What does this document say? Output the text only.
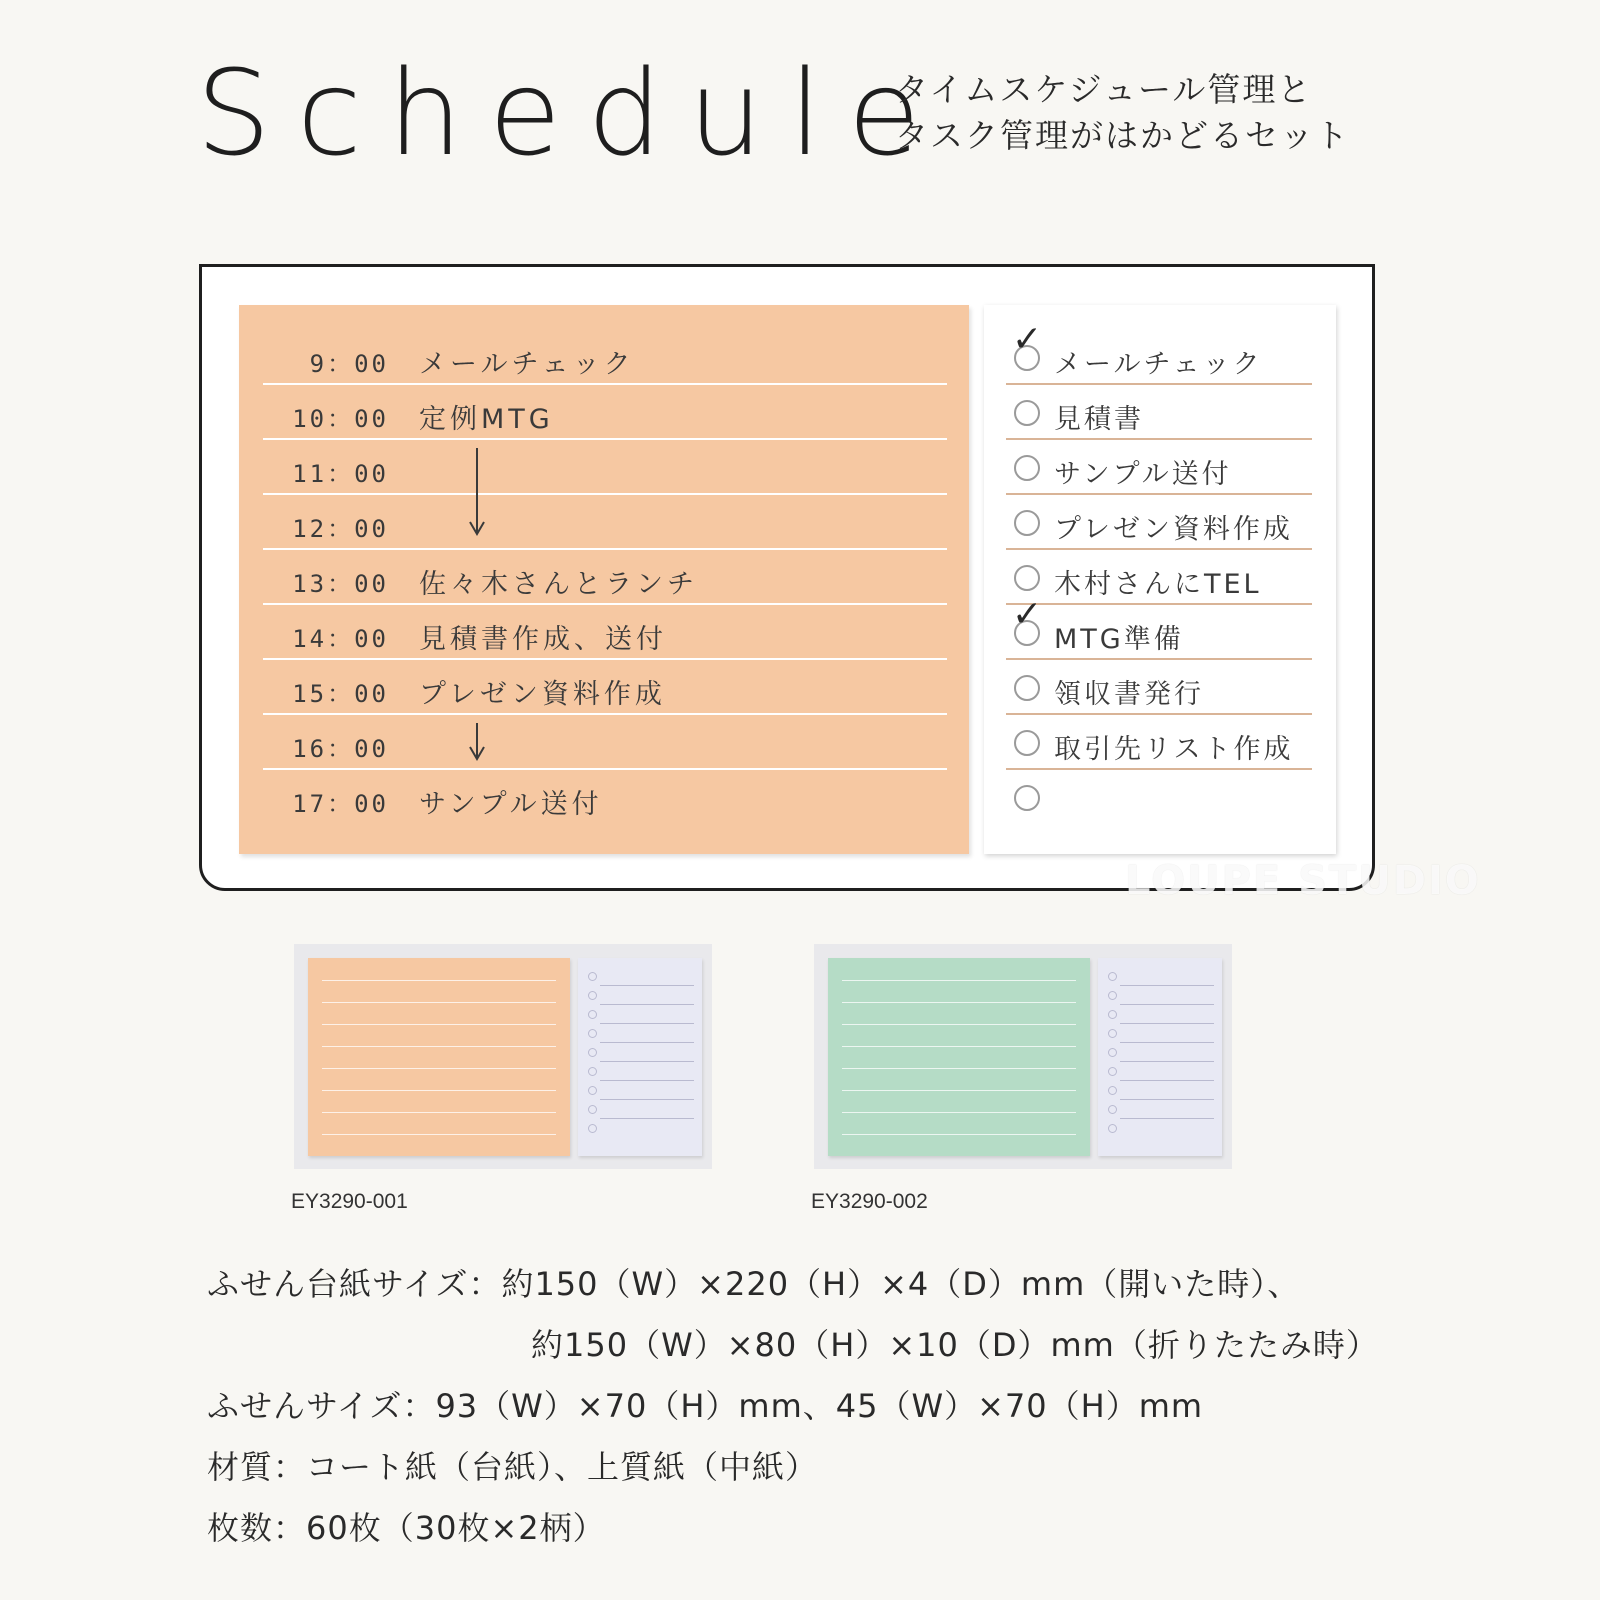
Schedule
タイムスケジュール管理と
タスク管理がはかどるセット
9：00 メールチェック
10：00 定例MTG
11：00
12：00
13：00 佐々木さんとランチ
14：00 見積書作成、送付
15：00 プレゼン資料作成
16：00
17：00 サンプル送付
✓
メールチェック
見積書
サンプル送付
プレゼン資料作成
木村さんにTEL
✓
MTG準備
領収書発行
取引先リスト作成
LOUPE STUDIO
EY3290-001	EY3290-002
ふせん台紙サイズ：約150（W）×220（H）×4（D）mm（開いた時）、
約150（W）×80（H）×10（D）mm（折りたたみ時）
ふせんサイズ：93（W）×70（H）mm、45（W）×70（H）mm
材質：コート紙（台紙）、上質紙（中紙）
枚数：60枚（30枚×2柄）
